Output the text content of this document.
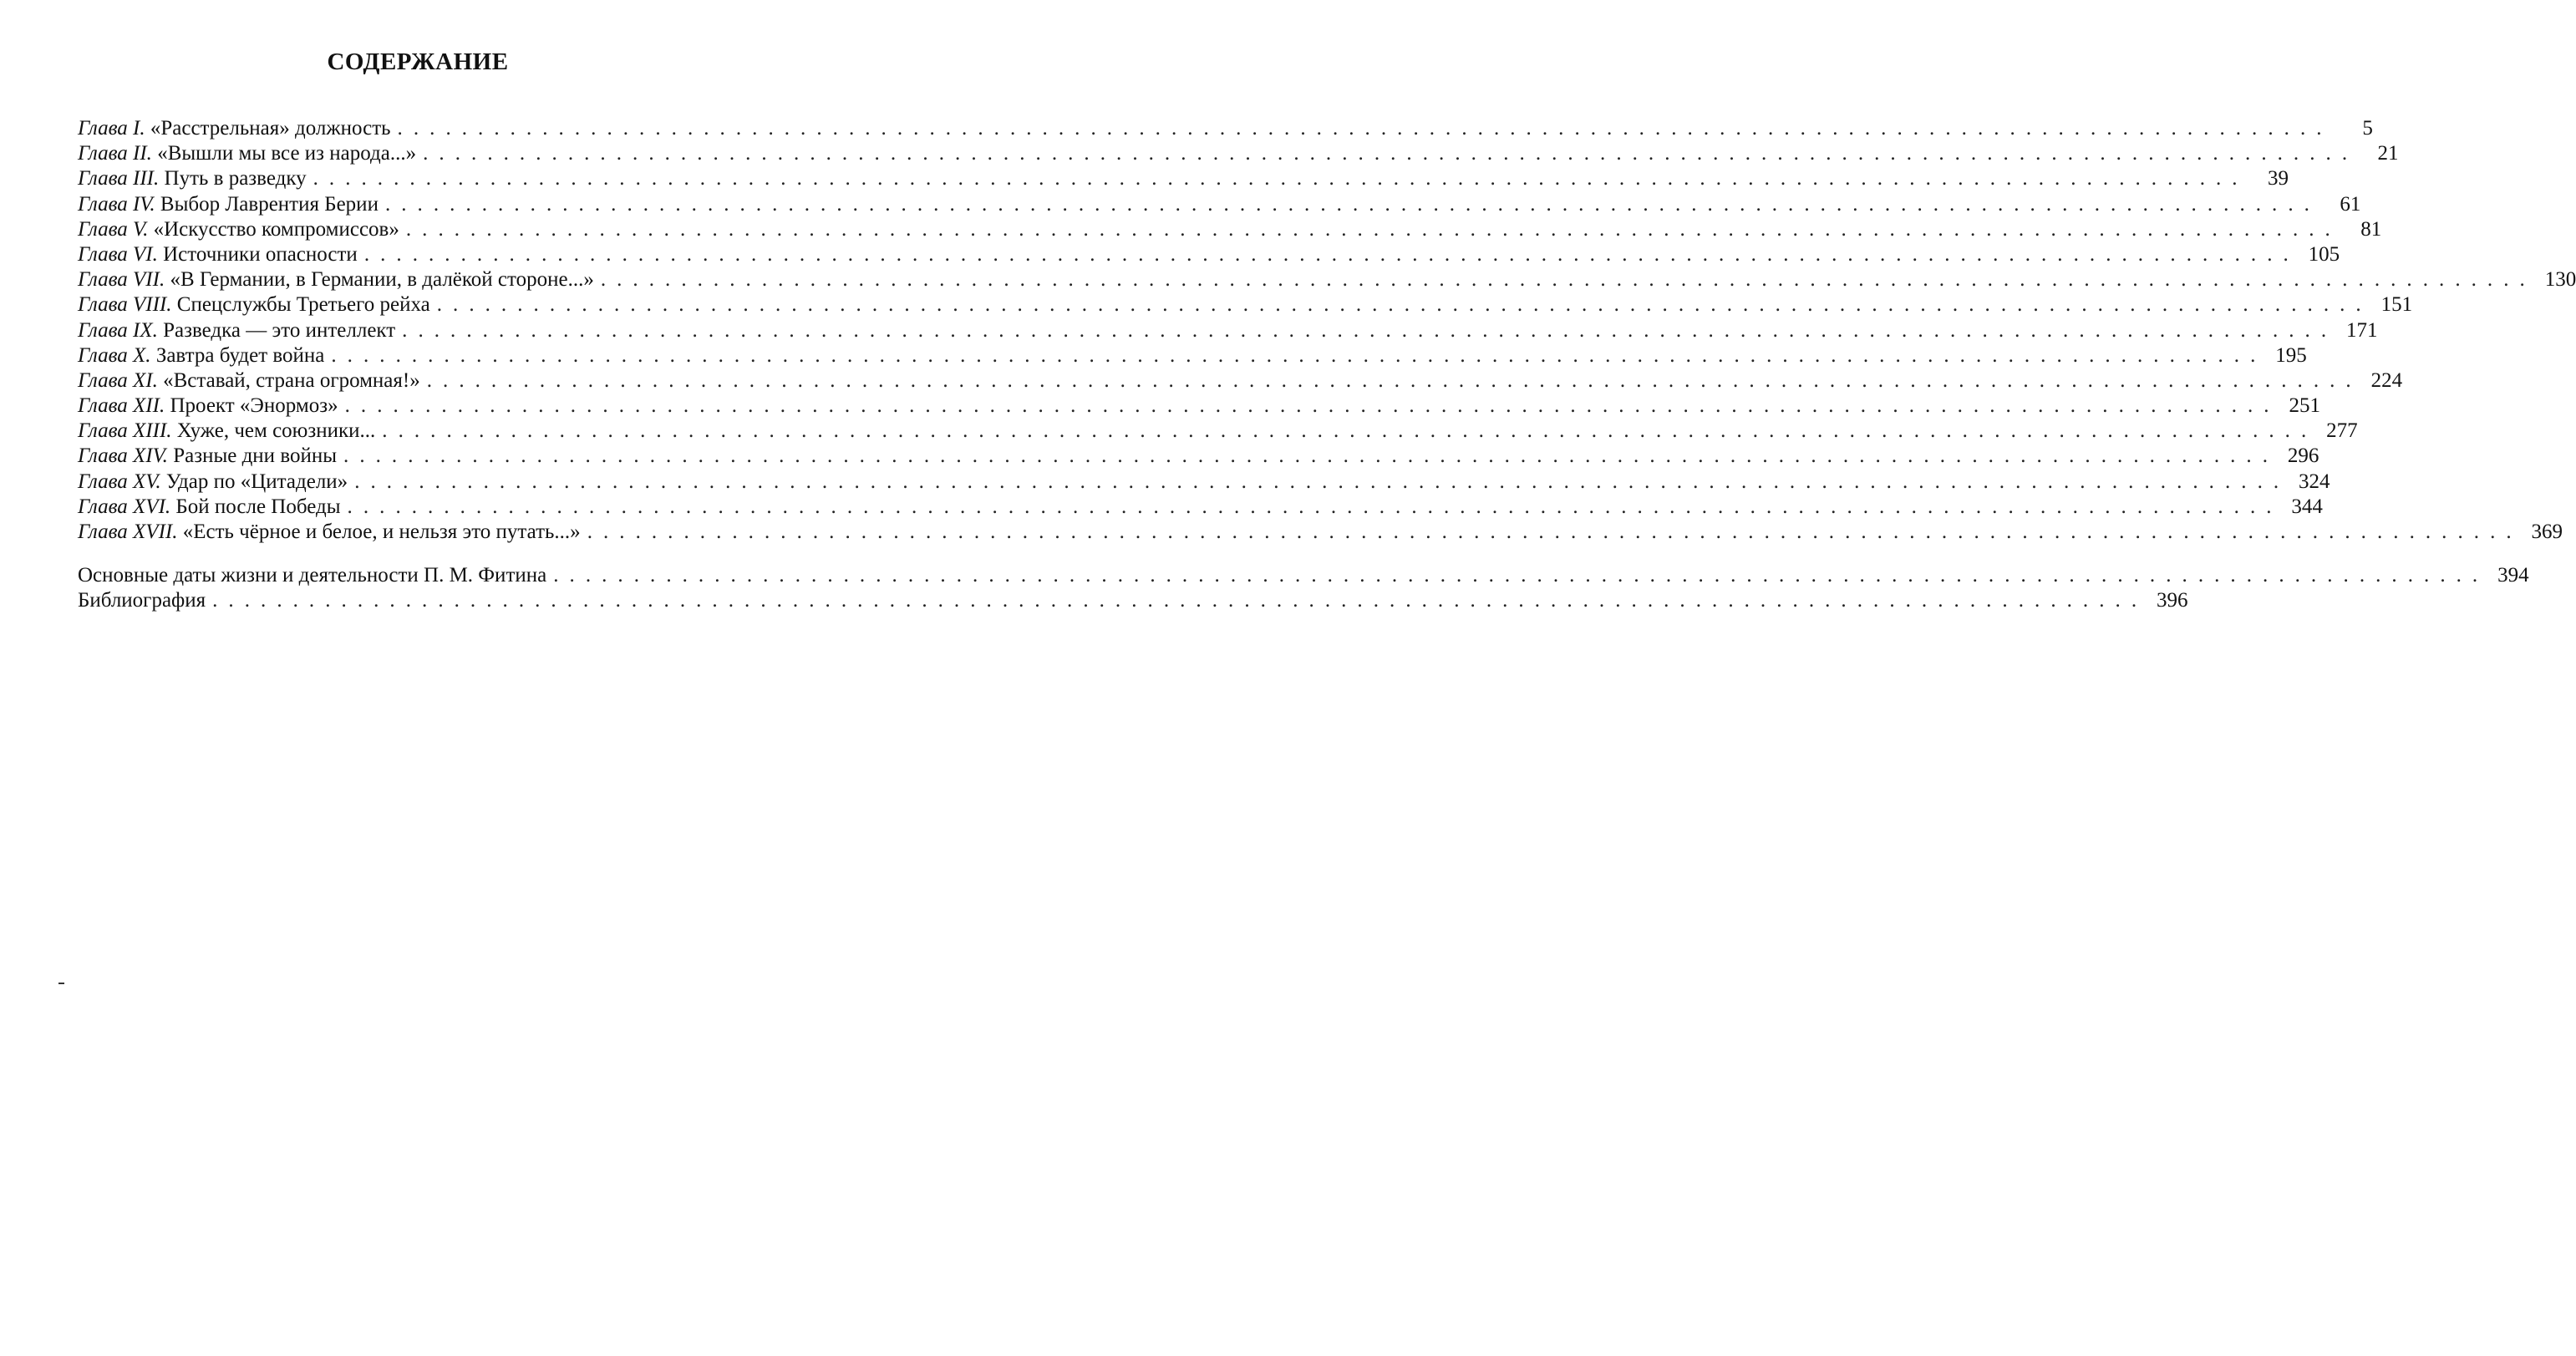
СОДЕРЖАНИЕ
Глава I. «Расстрельная» должность . . . . . . . . . . . . . . . . . . . . . . . . . . . . . . . . . . . . . . . . . . . . . . . . . . . . . . . . . . . . . . . . . . . . . . . . . . . . . . . . . . . . . . . . . . . . . . . . . . . . . . . . . . . . . . . . . . . . . . . .	5
Глава II. «Вышли мы все из народа...» . . . . . . . . . . . . . . . . . . . . . . . . . . . . . . . . . . . . . . . . . . . . . . . . . . . . . . . . . . . . . . . . . . . . . . . . . . . . . . . . . . . . . . . . . . . . . . . . . . . . . . . . . . . . . . . . . . . . . . . .	21
Глава III. Путь в разведку . . . . . . . . . . . . . . . . . . . . . . . . . . . . . . . . . . . . . . . . . . . . . . . . . . . . . . . . . . . . . . . . . . . . . . . . . . . . . . . . . . . . . . . . . . . . . . . . . . . . . . . . . . . . . . . . . . . . . . . .	39
Глава IV. Выбор Лаврентия Берии . . . . . . . . . . . . . . . . . . . . . . . . . . . . . . . . . . . . . . . . . . . . . . . . . . . . . . . . . . . . . . . . . . . . . . . . . . . . . . . . . . . . . . . . . . . . . . . . . . . . . . . . . . . . . . . . . . . . . . . .	61
Глава V. «Искусство компромиссов» . . . . . . . . . . . . . . . . . . . . . . . . . . . . . . . . . . . . . . . . . . . . . . . . . . . . . . . . . . . . . . . . . . . . . . . . . . . . . . . . . . . . . . . . . . . . . . . . . . . . . . . . . . . . . . . . . . . . . . . .	81
Глава VI. Источники опасности . . . . . . . . . . . . . . . . . . . . . . . . . . . . . . . . . . . . . . . . . . . . . . . . . . . . . . . . . . . . . . . . . . . . . . . . . . . . . . . . . . . . . . . . . . . . . . . . . . . . . . . . . . . . . . . . . . . . . . . . 105
Глава VII. «В Германии, в Германии, в далёкой стороне...» . . . . . . . . . . . . . . . . . . . . . . . . . . . . . . . . . . . . . . . . . . . . . . . . . . . . . . . . . . . . . . . . . . . . . . . . . . . . . . . . . . . . . . . . . . . . . . . . . . . . . . . . . . . . . . . . . . . . . . . . 130
Глава VIII. Спецслужбы Третьего рейха . . . . . . . . . . . . . . . . . . . . . . . . . . . . . . . . . . . . . . . . . . . . . . . . . . . . . . . . . . . . . . . . . . . . . . . . . . . . . . . . . . . . . . . . . . . . . . . . . . . . . . . . . . . . . . . . . . . . . . . . 151
Глава IX. Разведка — это интеллект . . . . . . . . . . . . . . . . . . . . . . . . . . . . . . . . . . . . . . . . . . . . . . . . . . . . . . . . . . . . . . . . . . . . . . . . . . . . . . . . . . . . . . . . . . . . . . . . . . . . . . . . . . . . . . . . . . . . . . . . 171
Глава X. Завтра будет война . . . . . . . . . . . . . . . . . . . . . . . . . . . . . . . . . . . . . . . . . . . . . . . . . . . . . . . . . . . . . . . . . . . . . . . . . . . . . . . . . . . . . . . . . . . . . . . . . . . . . . . . . . . . . . . . . . . . . . . . 195
Глава XI. «Вставай, страна огромная!» . . . . . . . . . . . . . . . . . . . . . . . . . . . . . . . . . . . . . . . . . . . . . . . . . . . . . . . . . . . . . . . . . . . . . . . . . . . . . . . . . . . . . . . . . . . . . . . . . . . . . . . . . . . . . . . . . . . . . . . . 224
Глава XII. Проект «Энормоз» . . . . . . . . . . . . . . . . . . . . . . . . . . . . . . . . . . . . . . . . . . . . . . . . . . . . . . . . . . . . . . . . . . . . . . . . . . . . . . . . . . . . . . . . . . . . . . . . . . . . . . . . . . . . . . . . . . . . . . . . 251
Глава XIII. Хуже, чем союзники... . . . . . . . . . . . . . . . . . . . . . . . . . . . . . . . . . . . . . . . . . . . . . . . . . . . . . . . . . . . . . . . . . . . . . . . . . . . . . . . . . . . . . . . . . . . . . . . . . . . . . . . . . . . . . . . . . . . . . . . . 277
Глава XIV. Разные дни войны . . . . . . . . . . . . . . . . . . . . . . . . . . . . . . . . . . . . . . . . . . . . . . . . . . . . . . . . . . . . . . . . . . . . . . . . . . . . . . . . . . . . . . . . . . . . . . . . . . . . . . . . . . . . . . . . . . . . . . . . 296
Глава XV. Удар по «Цитадели» . . . . . . . . . . . . . . . . . . . . . . . . . . . . . . . . . . . . . . . . . . . . . . . . . . . . . . . . . . . . . . . . . . . . . . . . . . . . . . . . . . . . . . . . . . . . . . . . . . . . . . . . . . . . . . . . . . . . . . . . 324
Глава XVI. Бой после Победы . . . . . . . . . . . . . . . . . . . . . . . . . . . . . . . . . . . . . . . . . . . . . . . . . . . . . . . . . . . . . . . . . . . . . . . . . . . . . . . . . . . . . . . . . . . . . . . . . . . . . . . . . . . . . . . . . . . . . . . . 344
Глава XVII. «Есть чёрное и белое, и нельзя это путать...» . . . . . . . . . . . . . . . . . . . . . . . . . . . . . . . . . . . . . . . . . . . . . . . . . . . . . . . . . . . . . . . . . . . . . . . . . . . . . . . . . . . . . . . . . . . . . . . . . . . . . . . . . . . . . . . . . . . . . . . . 369
Основные даты жизни и деятельности П. М. Фитина . . . . . . . . . . . . . . . . . . . . . . . . . . . . . . . . . . . . . . . . . . . . . . . . . . . . . . . . . . . . . . . . . . . . . . . . . . . . . . . . . . . . . . . . . . . . . . . . . . . . . . . . . . . . . . . . . . . . . . . . 394
Библиография . . . . . . . . . . . . . . . . . . . . . . . . . . . . . . . . . . . . . . . . . . . . . . . . . . . . . . . . . . . . . . . . . . . . . . . . . . . . . . . . . . . . . . . . . . . . . . . . . . . . . . . . . . . . . . . . . . . . . . . . 396
